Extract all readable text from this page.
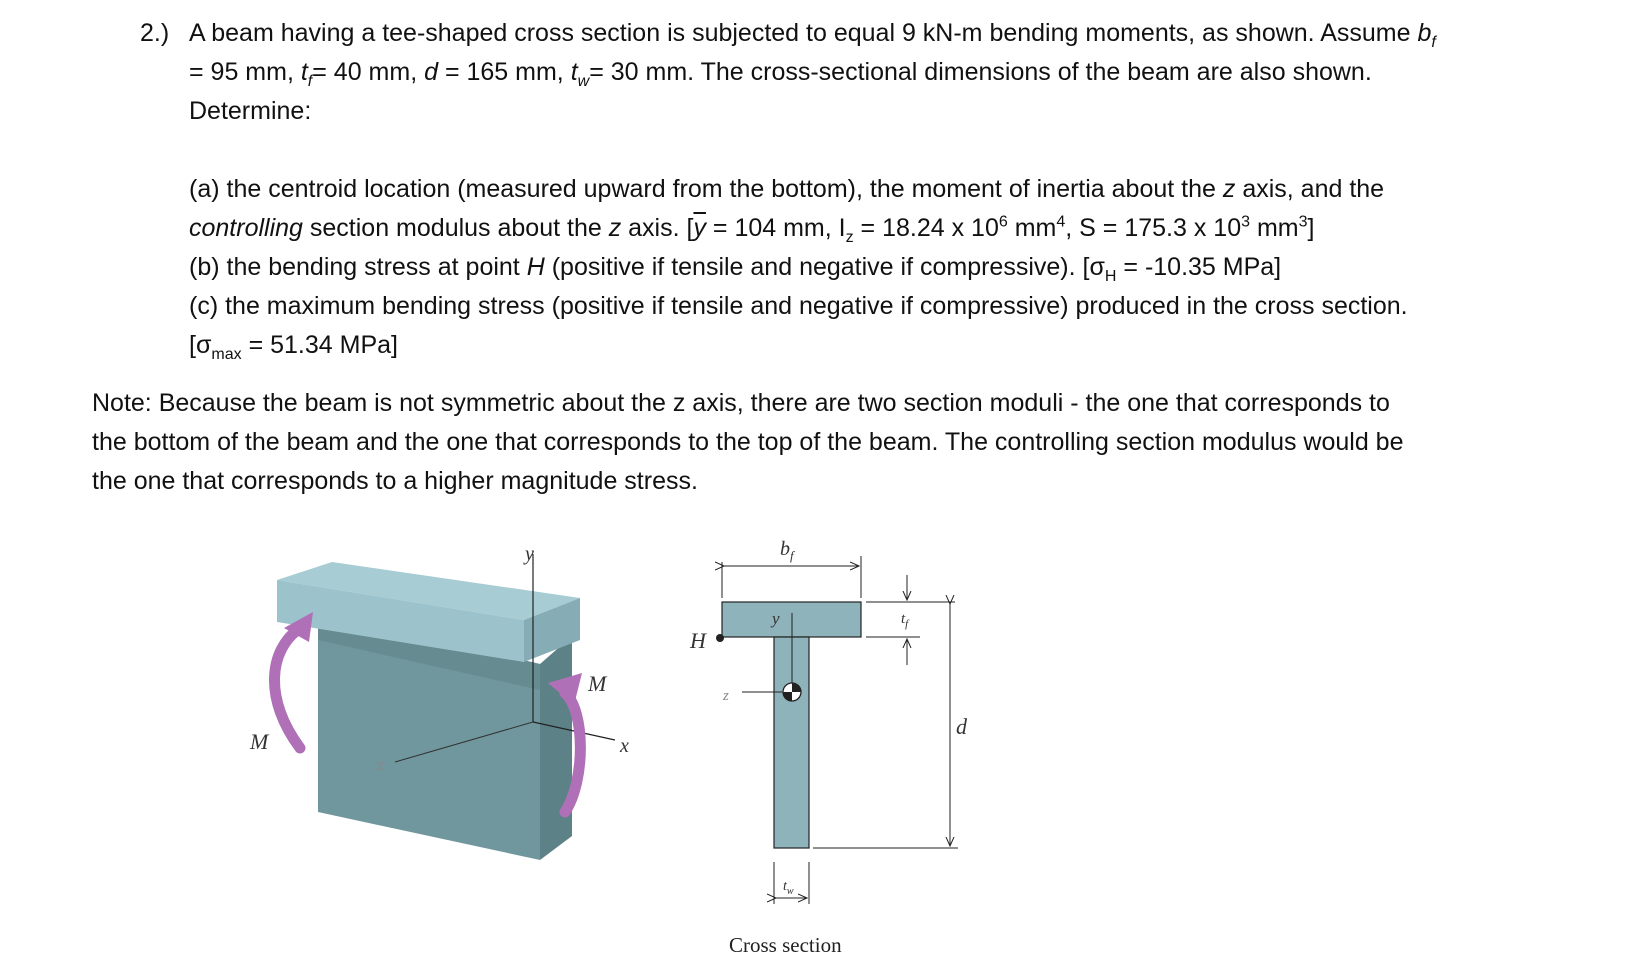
2.) A beam having a tee-shaped cross section is subjected to equal 9 kN-m bending moments, as shown. Assume $b_f$
= 95 mm, $t_f= 40$ mm, d = 165 mm, $t_w= 30$ mm. The cross-sectional dimensions of the beam are also shown.
Determine:
(a) the centroid location (measured upward from the bottom), the moment of inertia about the z axis, and the
controlling section modulus about the z axis. [$\overline{y} = 104$ mm, $I_z = 18.24$ x $10^6$ $mm^4$, S = 175.3 x $10^3$ $mm^3$]
(b) the bending stress at point H (positive if tensile and negative if compressive). [$\sigma_H = -10.35$ MPa]
(c) the maximum bending stress (positive if tensile and negative if compressive) produced in the cross section.
[$\sigma_{max} = 51.34$ MPa]
Note: Because the beam is not symmetric about the z axis, there are two section moduli - the one that corresponds to
the bottom of the beam and the one that corresponds to the top of the beam. The controlling section modulus would be
the one that corresponds to a higher magnitude stress.
y
x
z
M
M
$b_f$
$t_f$
d
$t_w$
H
y
z
Cross section
